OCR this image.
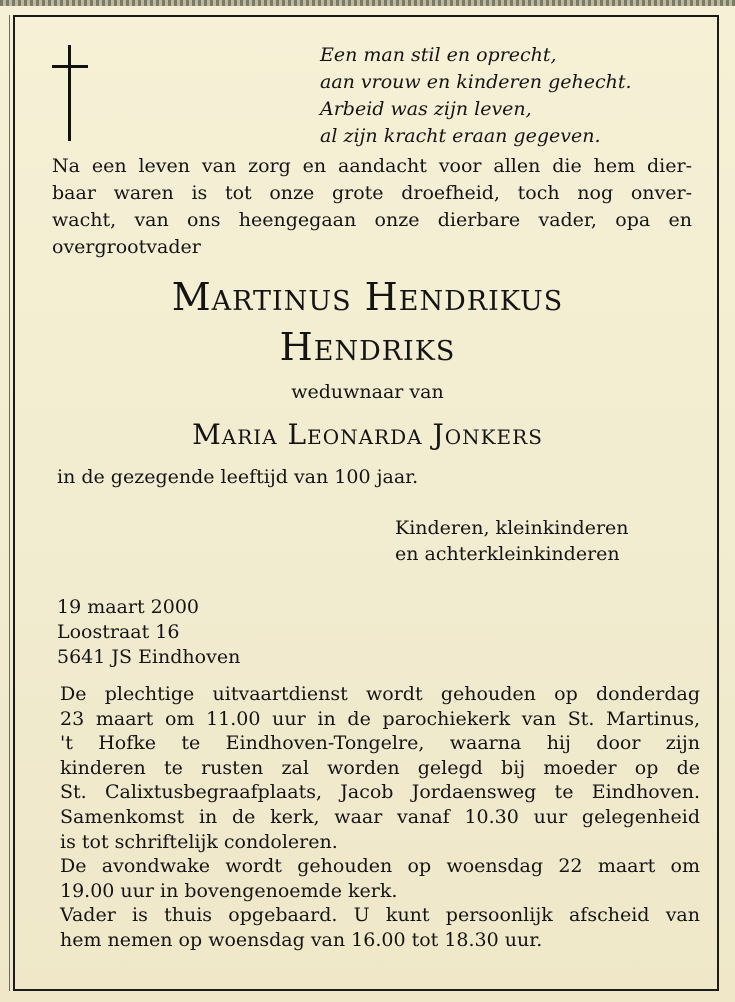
Een man stil en oprecht,
aan vrouw en kinderen gehecht.
Arbeid was zijn leven,
al zijn kracht eraan gegeven.
Na een leven van zorg en aandacht voor allen die hem dier-
baar waren is tot onze grote droefheid, toch nog onver-
wacht, van ons heengegaan onze dierbare vader, opa en
overgrootvader
Martinus Hendrikus
Hendriks
weduwnaar van
Maria Leonarda Jonkers
in de gezegende leeftijd van 100 jaar.
Kinderen, kleinkinderen
en achterkleinkinderen
19 maart 2000
Loostraat 16
5641 JS Eindhoven
De plechtige uitvaartdienst wordt gehouden op donderdag
23 maart om 11.00 uur in de parochiekerk van St. Martinus,
't Hofke te Eindhoven-Tongelre, waarna hij door zijn
kinderen te rusten zal worden gelegd bij moeder op de
St. Calixtusbegraafplaats, Jacob Jordaensweg te Eindhoven.
Samenkomst in de kerk, waar vanaf 10.30 uur gelegenheid
is tot schriftelijk condoleren.
De avondwake wordt gehouden op woensdag 22 maart om
19.00 uur in bovengenoemde kerk.
Vader is thuis opgebaard. U kunt persoonlijk afscheid van
hem nemen op woensdag van 16.00 tot 18.30 uur.
